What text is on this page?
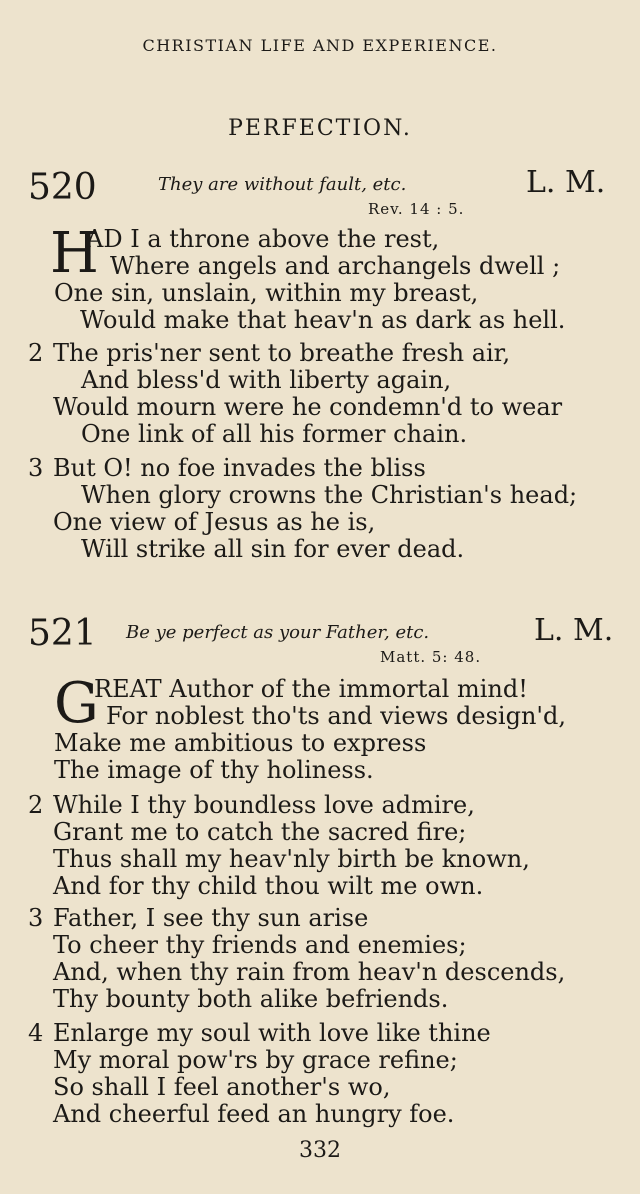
CHRISTIAN LIFE AND EXPERIENCE.
PERFECTION.
520	They are without fault, etc.	L. M.
Rev. 14 : 5.
H
AD I a throne above the rest,
Where angels and archangels dwell ;
One sin, unslain, within my breast,
Would make that heav'n as dark as hell.
2 The pris'ner sent to breathe fresh air,
And bless'd with liberty again,
Would mourn were he condemn'd to wear
One link of all his former chain.
3 But O! no foe invades the bliss
When glory crowns the Christian's head;
One view of Jesus as he is,
Will strike all sin for ever dead.
521 Be ye perfect as your Father, etc.	L. M.
Matt. 5: 48.
G
REAT Author of the immortal mind!
For noblest tho'ts and views design'd,
Make me ambitious to express
The image of thy holiness.
2 While I thy boundless love admire,
Grant me to catch the sacred fire;
Thus shall my heav'nly birth be known,
And for thy child thou wilt me own.
3 Father, I see thy sun arise
To cheer thy friends and enemies;
And, when thy rain from heav'n descends,
Thy bounty both alike befriends.
4 Enlarge my soul with love like thine
My moral pow'rs by grace refine;
So shall I feel another's wo,
And cheerful feed an hungry foe.
332
